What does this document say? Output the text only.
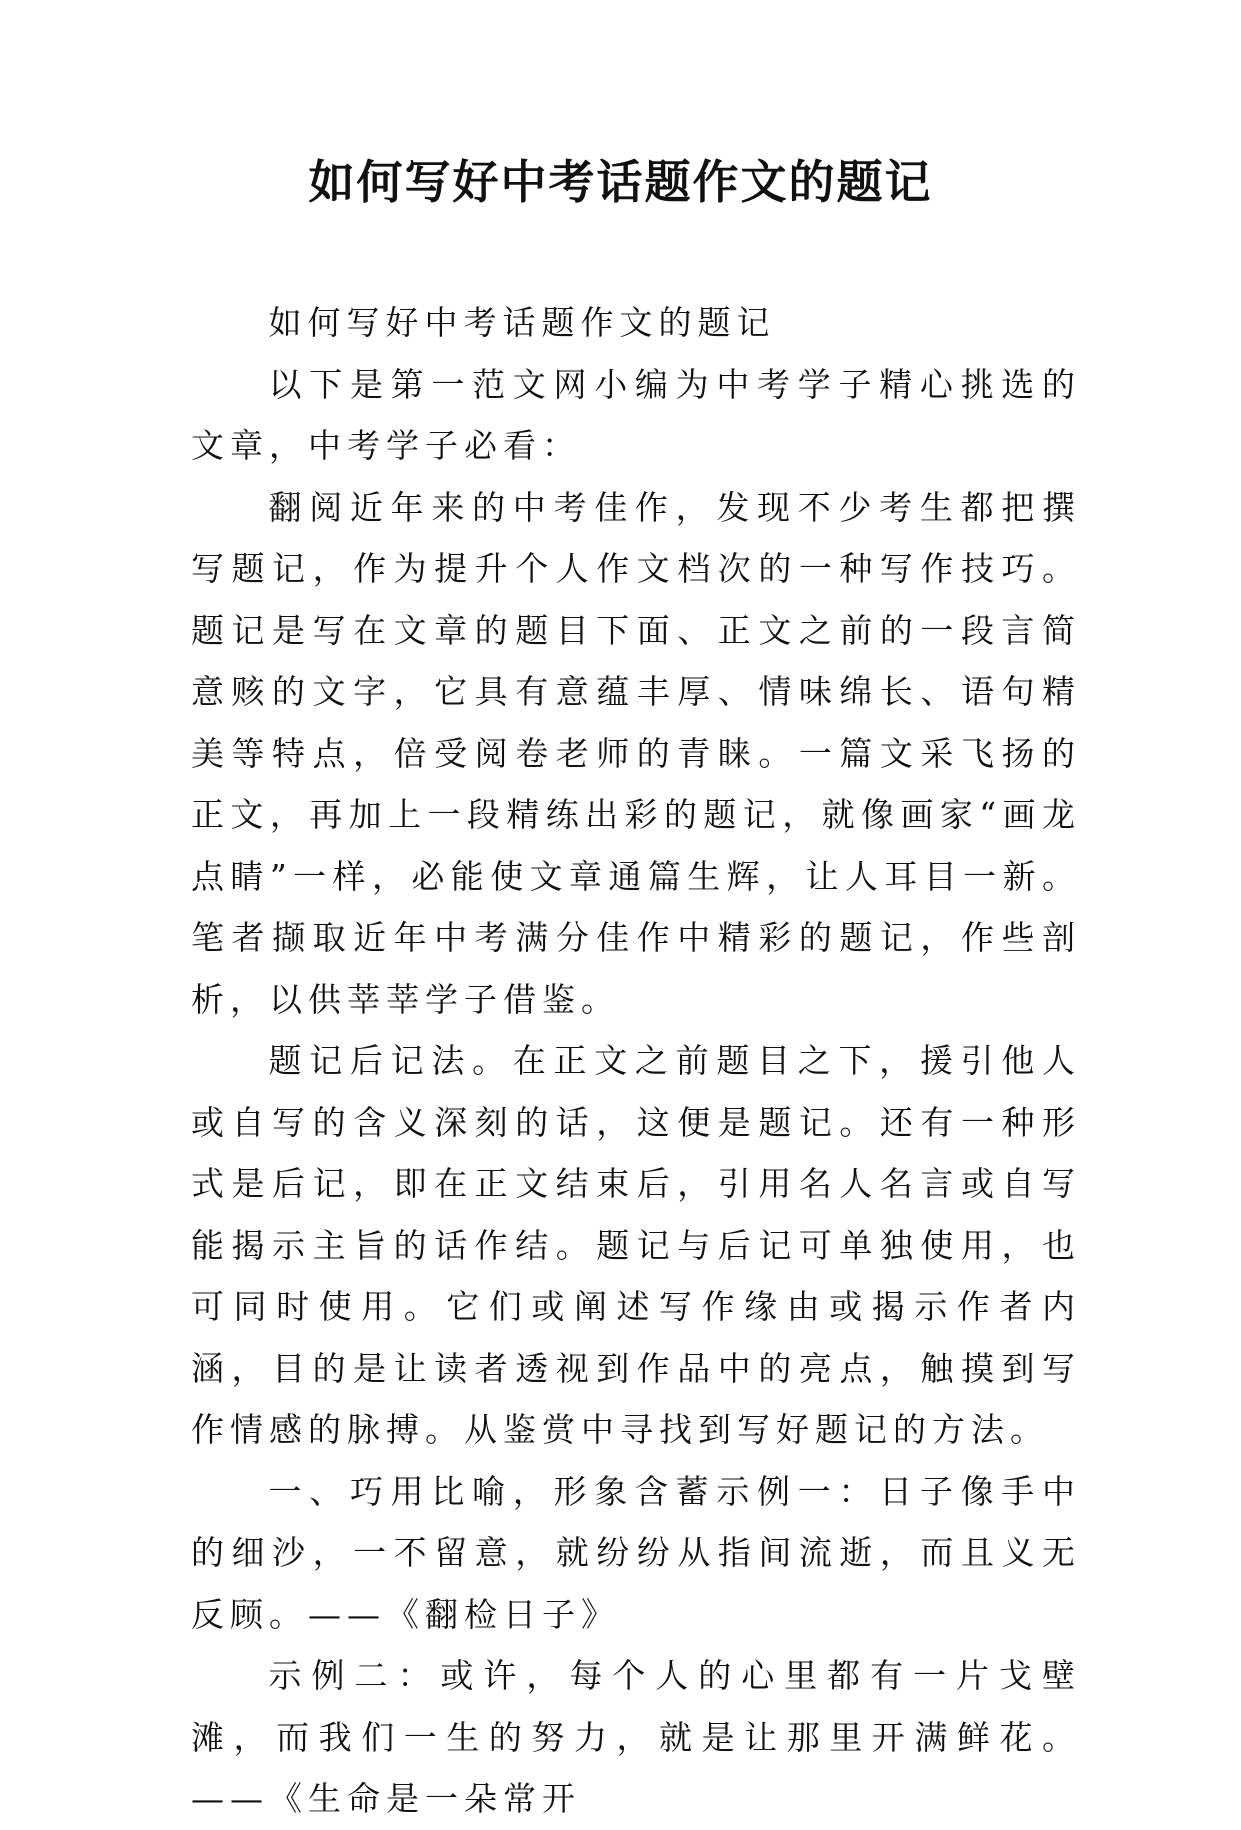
如何写好中考话题作文的题记

如何写好中考话题作文的题记

以下是第一范文网小编为中考学子精心挑选的文章，中考学子必看：

翻阅近年来的中考佳作，发现不少考生都把撰写题记，作为提升个人作文档次的一种写作技巧。题记是写在文章的题目下面、正文之前的一段言简意赅的文字，它具有意蕴丰厚、情味绵长、语句精美等特点，倍受阅卷老师的青睐。一篇文采飞扬的正文，再加上一段精练出彩的题记，就像画家“画龙点睛”一样，必能使文章通篇生辉，让人耳目一新。笔者撷取近年中考满分佳作中精彩的题记，作些剖析，以供莘莘学子借鉴。

题记后记法。在正文之前题目之下，援引他人或自写的含义深刻的话，这便是题记。还有一种形式是后记，即在正文结束后，引用名人名言或自写能揭示主旨的话作结。题记与后记可单独使用，也可同时使用。它们或阐述写作缘由或揭示作者内涵，目的是让读者透视到作品中的亮点，触摸到写作情感的脉搏。从鉴赏中寻找到写好题记的方法。

一、巧用比喻，形象含蓄示例一：日子像手中的细沙，一不留意，就纷纷从指间流逝，而且义无反顾。——《翻检日子》

示例二：或许，每个人的心里都有一片戈壁滩，而我们一生的努力，就是让那里开满鲜花。——《生命是一朵常开
